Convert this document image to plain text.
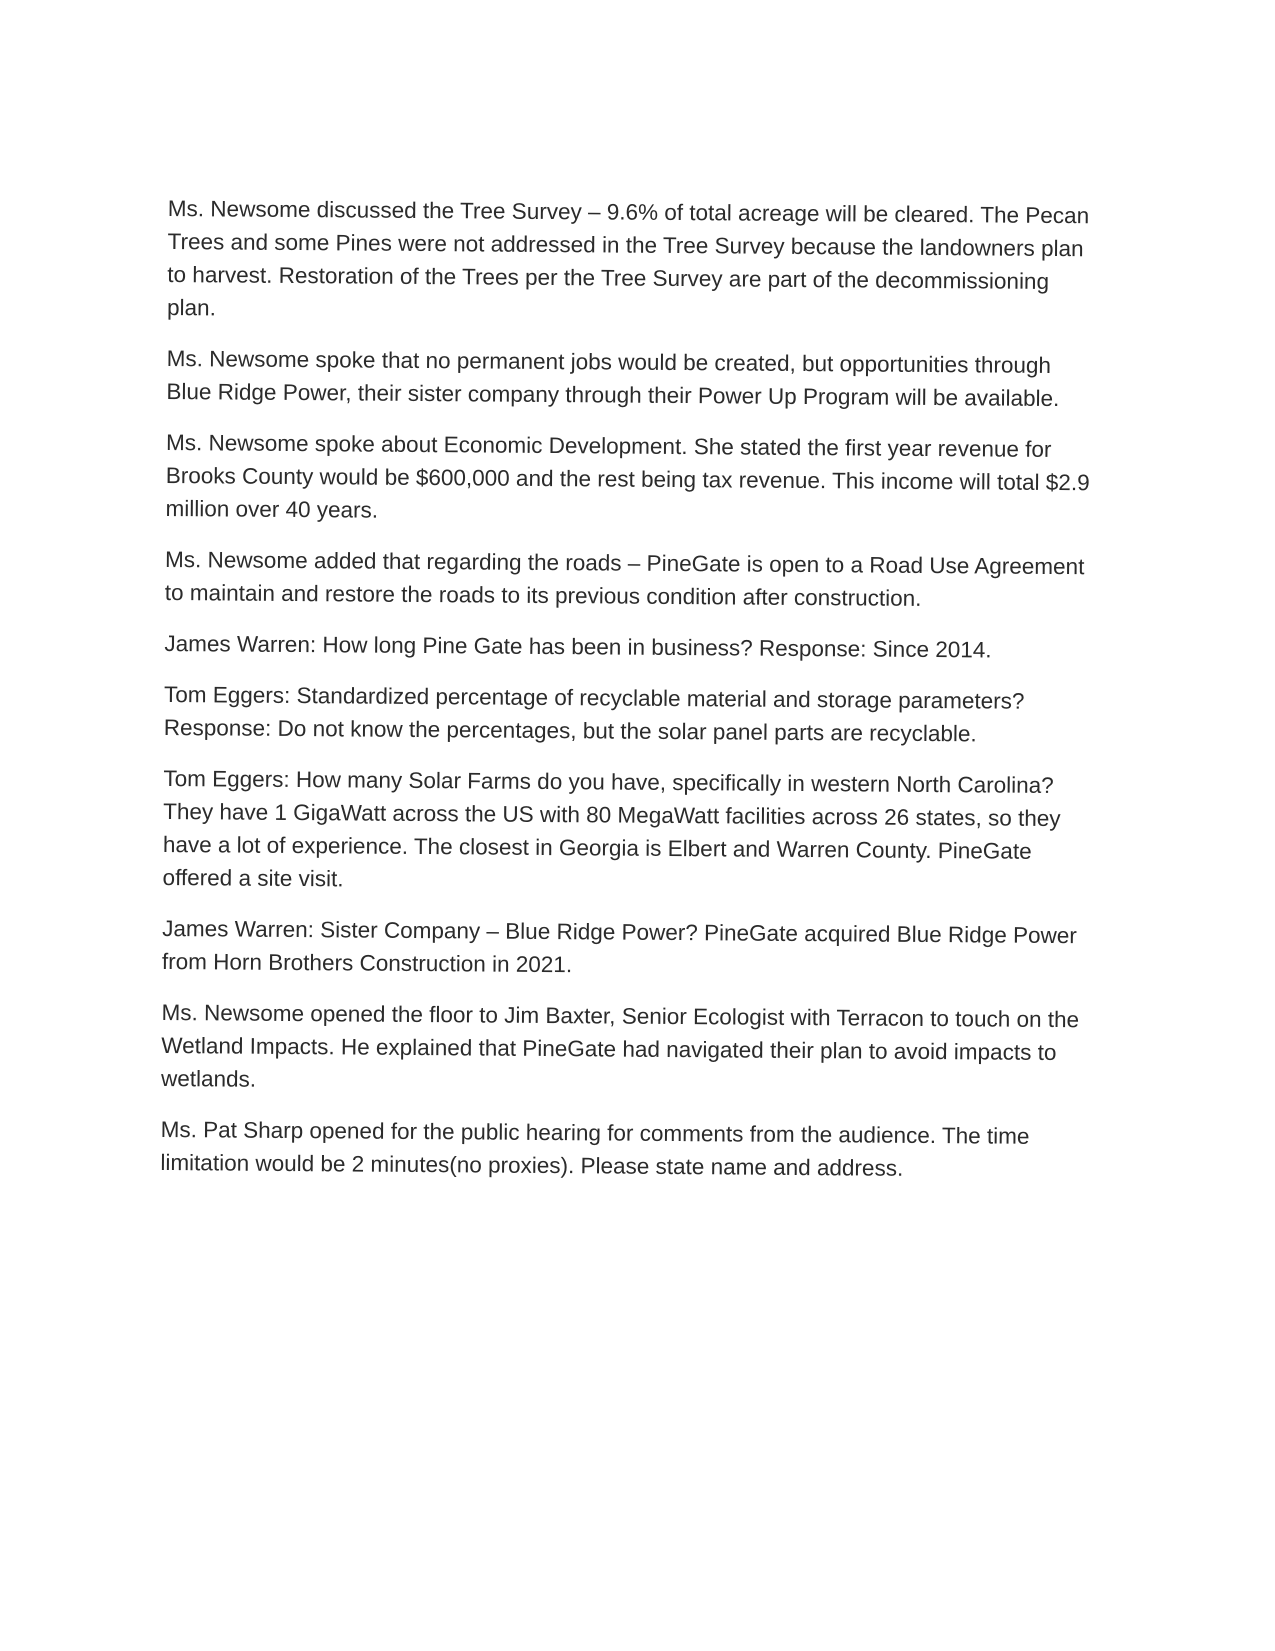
Ms. Newsome discussed the Tree Survey – 9.6% of total acreage will be cleared. The Pecan Trees and some Pines were not addressed in the Tree Survey because the landowners plan to harvest. Restoration of the Trees per the Tree Survey are part of the decommissioning plan.

Ms. Newsome spoke that no permanent jobs would be created, but opportunities through Blue Ridge Power, their sister company through their Power Up Program will be available.

Ms. Newsome spoke about Economic Development. She stated the first year revenue for Brooks County would be $600,000 and the rest being tax revenue. This income will total $2.9 million over 40 years.

Ms. Newsome added that regarding the roads – PineGate is open to a Road Use Agreement to maintain and restore the roads to its previous condition after construction.

James Warren: How long Pine Gate has been in business? Response: Since 2014.

Tom Eggers: Standardized percentage of recyclable material and storage parameters? Response: Do not know the percentages, but the solar panel parts are recyclable.

Tom Eggers: How many Solar Farms do you have, specifically in western North Carolina? They have 1 GigaWatt across the US with 80 MegaWatt facilities across 26 states, so they have a lot of experience. The closest in Georgia is Elbert and Warren County. PineGate offered a site visit.

James Warren: Sister Company – Blue Ridge Power? PineGate acquired Blue Ridge Power from Horn Brothers Construction in 2021.

Ms. Newsome opened the floor to Jim Baxter, Senior Ecologist with Terracon to touch on the Wetland Impacts. He explained that PineGate had navigated their plan to avoid impacts to wetlands.

Ms. Pat Sharp opened for the public hearing for comments from the audience. The time limitation would be 2 minutes(no proxies). Please state name and address.
